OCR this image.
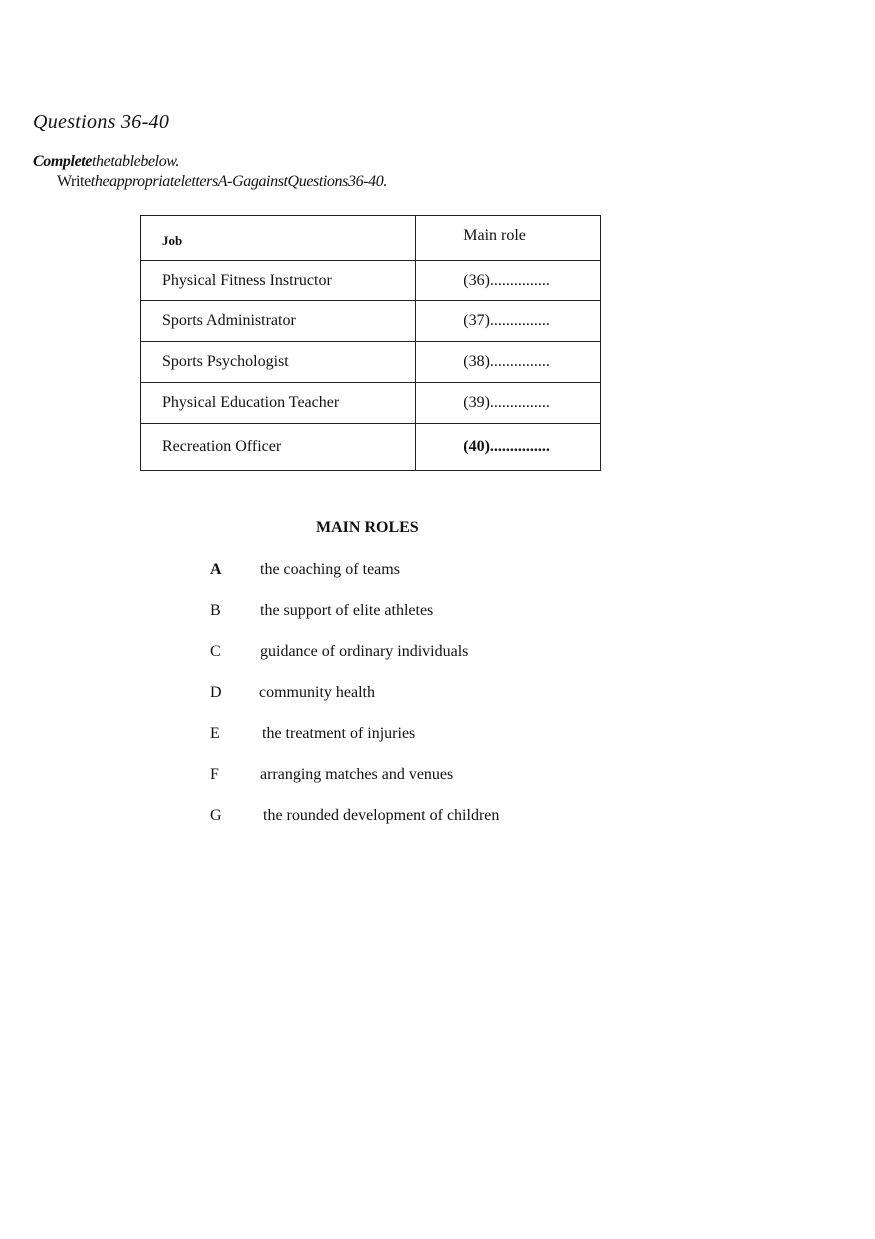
Questions 36-40
Completethetablebelow.
WritetheappropriatelettersA-GagainstQuestions36-40.
Job	Main role
Physical Fitness Instructor	(36)...............
Sports Administrator	(37)...............
Sports Psychologist	(38)...............
Physical Education Teacher	(39)...............
Recreation Officer	(40)...............
MAIN ROLES
A the coaching of teams
B the support of elite athletes
C guidance of ordinary individuals
D community health
E	the treatment of injuries
F	arranging matches and venues
G	the rounded development of children
